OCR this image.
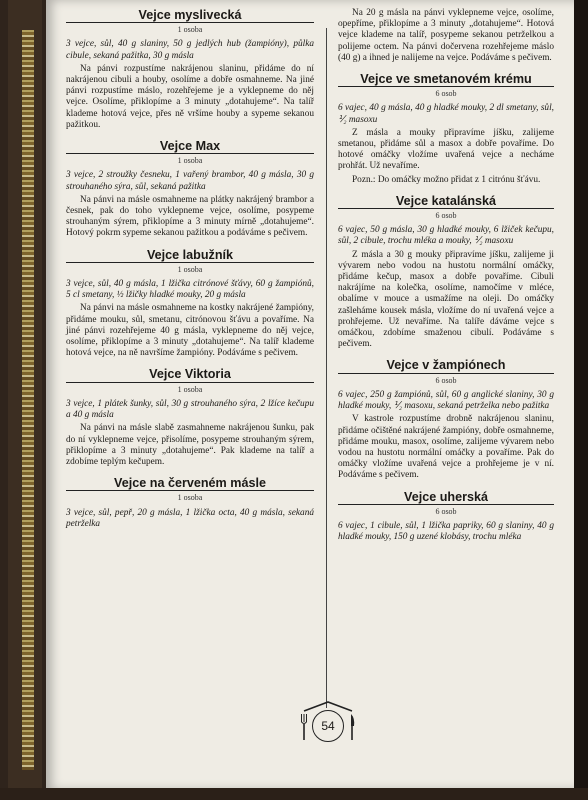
Vejce myslivecká
1 osoba
3 vejce, sůl, 40 g slaniny, 50 g jedlých hub (žampióny), půlka cibule, sekaná pažitka, 30 g másla
Na pánvi rozpustíme nakrájenou slaninu, přidáme do ní nakrájenou cibuli a houby, osolíme a dobře osmahneme. Na jiné pánvi rozpustíme máslo, rozehřejeme je a vyklepneme do něj vejce. Osolíme, přiklopíme a 3 minuty „dotahujeme“. Na talíř klademe hotová vejce, přes ně vršíme houby a sypeme sekanou pažitkou.
Vejce Max
1 osoba
3 vejce, 2 stroužky česneku, 1 vařený brambor, 40 g másla, 30 g strouhaného sýra, sůl, sekaná pažitka
Na pánvi na másle osmahneme na plátky nakrájený brambor a česnek, pak do toho vyklepneme vejce, osolíme, posypeme strouhaným sýrem, přiklopíme a 3 minuty mírně „dotahujeme“. Hotový pokrm sypeme sekanou pažitkou a podáváme s pečivem.
Vejce labužník
1 osoba
3 vejce, sůl, 40 g másla, 1 lžička citrónové šťávy, 60 g žampiónů, 5 cl smetany, ½ lžičky hladké mouky, 20 g másla
Na pánvi na másle osmahneme na kostky nakrájené žampióny, přidáme mouku, sůl, smetanu, citrónovou šťávu a povaříme. Na jiné pánvi rozehřejeme 40 g másla, vyklepneme do něj vejce, osolíme, přiklopíme a 3 minuty „dotahujeme“. Na talíř klademe hotová vejce, na ně navršíme žampióny. Podáváme s pečivem.
Vejce Viktoria
1 osoba
3 vejce, 1 plátek šunky, sůl, 30 g strouhaného sýra, 2 lžíce kečupu a 40 g másla
Na pánvi na másle slabě zasmahneme nakrájenou šunku, pak do ní vyklepneme vejce, přisolíme, posypeme strouhaným sýrem, přiklopíme a 3 minuty „dotahujeme“. Pak klademe na talíř a zdobíme teplým kečupem.
Vejce na červeném másle
1 osoba
3 vejce, sůl, pepř, 20 g másla, 1 lžička octa, 40 g másla, sekaná petrželka
Na 20 g másla na pánvi vyklepneme vejce, osolíme, opepříme, přiklopíme a 3 minuty „dotahujeme“. Hotová vejce klademe na talíř, posypeme sekanou petrželkou a polijeme octem. Na pánvi dočervena rozehřejeme máslo (40 g) a ihned je nalijeme na vejce. Podáváme s pečivem.
Vejce ve smetanovém krému
6 osob
6 vajec, 40 g másla, 40 g hladké mouky, 2 dl smetany, sůl, ⅟₂ masoxu
Z másla a mouky připravíme jíšku, zalijeme smetanou, přidáme sůl a masox a dobře povaříme. Do hotové omáčky vložíme uvařená vejce a necháme prohřát. Už nevaříme.
Pozn.: Do omáčky možno přidat z 1 citrónu šťávu.
Vejce katalánská
6 osob
6 vajec, 50 g másla, 30 g hladké mouky, 6 lžiček kečupu, sůl, 2 cibule, trochu mléka a mouky, ⅟₂ masoxu
Z másla a 30 g mouky připravíme jíšku, zalijeme ji vývarem nebo vodou na hustotu normální omáčky, přidáme kečup, masox a dobře povaříme. Cibuli nakrájíme na kolečka, osolíme, namočíme v mléce, obalíme v mouce a usmažíme na oleji. Do omáčky zašleháme kousek másla, vložíme do ní uvařená vejce a prohřejeme. Už nevaříme. Na talíře dáváme vejce s omáčkou, zdobíme smaženou cibulí. Podáváme s pečivem.
Vejce v žampiónech
6 osob
6 vajec, 250 g žampiónů, sůl, 60 g anglické slaniny, 30 g hladké mouky, ⅟₂ masoxu, sekaná petrželka nebo pažitka
V kastrole rozpustíme drobně nakrájenou slaninu, přidáme očištěné nakrájené žampióny, dobře osmahneme, přidáme mouku, masox, osolíme, zalijeme vývarem nebo vodou na hustotu normální omáčky a povaříme. Pak do omáčky vložíme uvařená vejce a prohřejeme je v ní. Podáváme s pečivem.
Vejce uherská
6 osob
6 vajec, 1 cibule, sůl, 1 lžička papriky, 60 g slaniny, 40 g hladké mouky, 150 g uzené klobásy, trochu mléka
54
